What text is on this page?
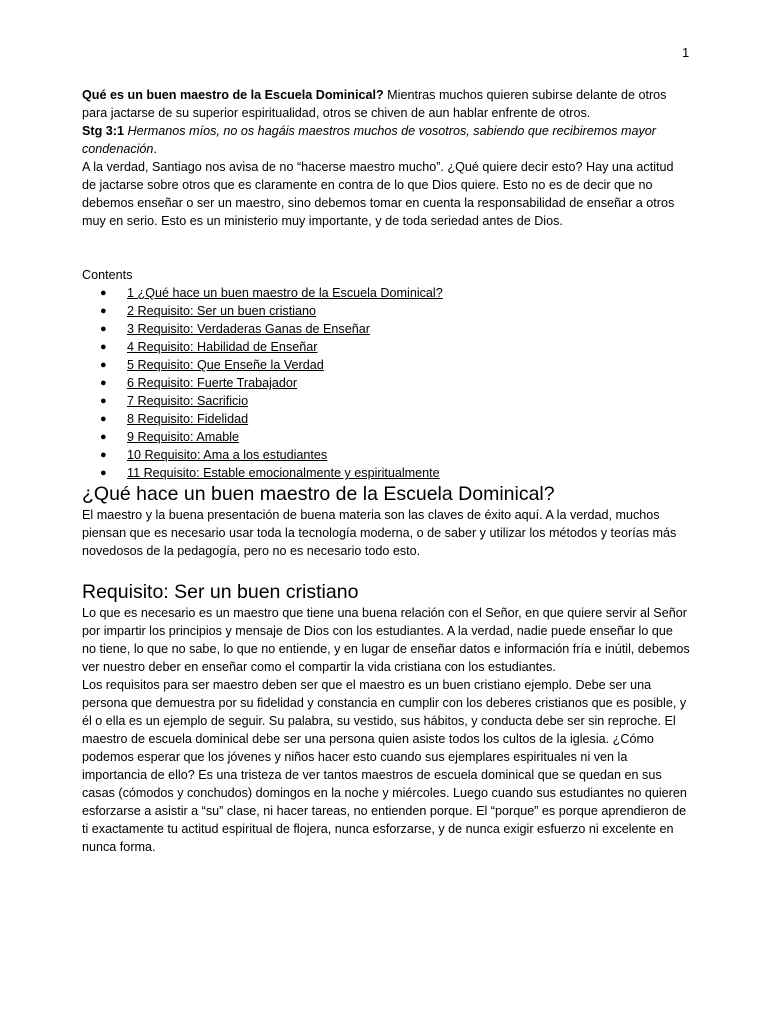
1

Qué es un buen maestro de la Escuela Dominical? Mientras muchos quieren subirse delante de otros para jactarse de su superior espiritualidad, otros se chiven de aun hablar enfrente de otros.

Stg 3:1 Hermanos míos, no os hagáis maestros muchos de vosotros, sabiendo que recibiremos mayor condenación.

A la verdad, Santiago nos avisa de no “hacerse maestro mucho”. ¿Qué quiere decir esto? Hay una actitud de jactarse sobre otros que es claramente en contra de lo que Dios quiere. Esto no es de decir que no debemos enseñar o ser un maestro, sino debemos tomar en cuenta la responsabilidad de enseñar a otros muy en serio. Esto es un ministerio muy importante, y de toda seriedad antes de Dios.

Contents

● 1 ¿Qué hace un buen maestro de la Escuela Dominical?
● 2 Requisito: Ser un buen cristiano
● 3 Requisito: Verdaderas Ganas de Enseñar
● 4 Requisito: Habilidad de Enseñar
● 5 Requisito: Que Enseñe la Verdad
● 6 Requisito: Fuerte Trabajador
● 7 Requisito: Sacrificio
● 8 Requisito: Fidelidad
● 9 Requisito: Amable
● 10 Requisito: Ama a los estudiantes
● 11 Requisito: Estable emocionalmente y espiritualmente
¿Qué hace un buen maestro de la Escuela Dominical?

El maestro y la buena presentación de buena materia son las claves de éxito aquí. A la verdad, muchos piensan que es necesario usar toda la tecnología moderna, o de saber y utilizar los métodos y teorías más novedosos de la pedagogía, pero no es necesario todo esto.

Requisito: Ser un buen cristiano

Lo que es necesario es un maestro que tiene una buena relación con el Señor, en que quiere servir al Señor por impartir los principios y mensaje de Dios con los estudiantes. A la verdad, nadie puede enseñar lo que no tiene, lo que no sabe, lo que no entiende, y en lugar de enseñar datos e información fría e inútil, debemos ver nuestro deber en enseñar como el compartir la vida cristiana con los estudiantes.

Los requisitos para ser maestro deben ser que el maestro es un buen cristiano ejemplo. Debe ser una persona que demuestra por su fidelidad y constancia en cumplir con los deberes cristianos que es posible, y él o ella es un ejemplo de seguir. Su palabra, su vestido, sus hábitos, y conducta debe ser sin reproche. El maestro de escuela dominical debe ser una persona quien asiste todos los cultos de la iglesia. ¿Cómo podemos esperar que los jóvenes y niños hacer esto cuando sus ejemplares espirituales ni ven la importancia de ello? Es una tristeza de ver tantos maestros de escuela dominical que se quedan en sus casas (cómodos y conchudos) domingos en la noche y miércoles. Luego cuando sus estudiantes no quieren esforzarse a asistir a “su” clase, ni hacer tareas, no entienden porque. El “porque” es porque aprendieron de ti exactamente tu actitud espiritual de flojera, nunca esforzarse, y de nunca exigir esfuerzo ni excelente en nunca forma.
